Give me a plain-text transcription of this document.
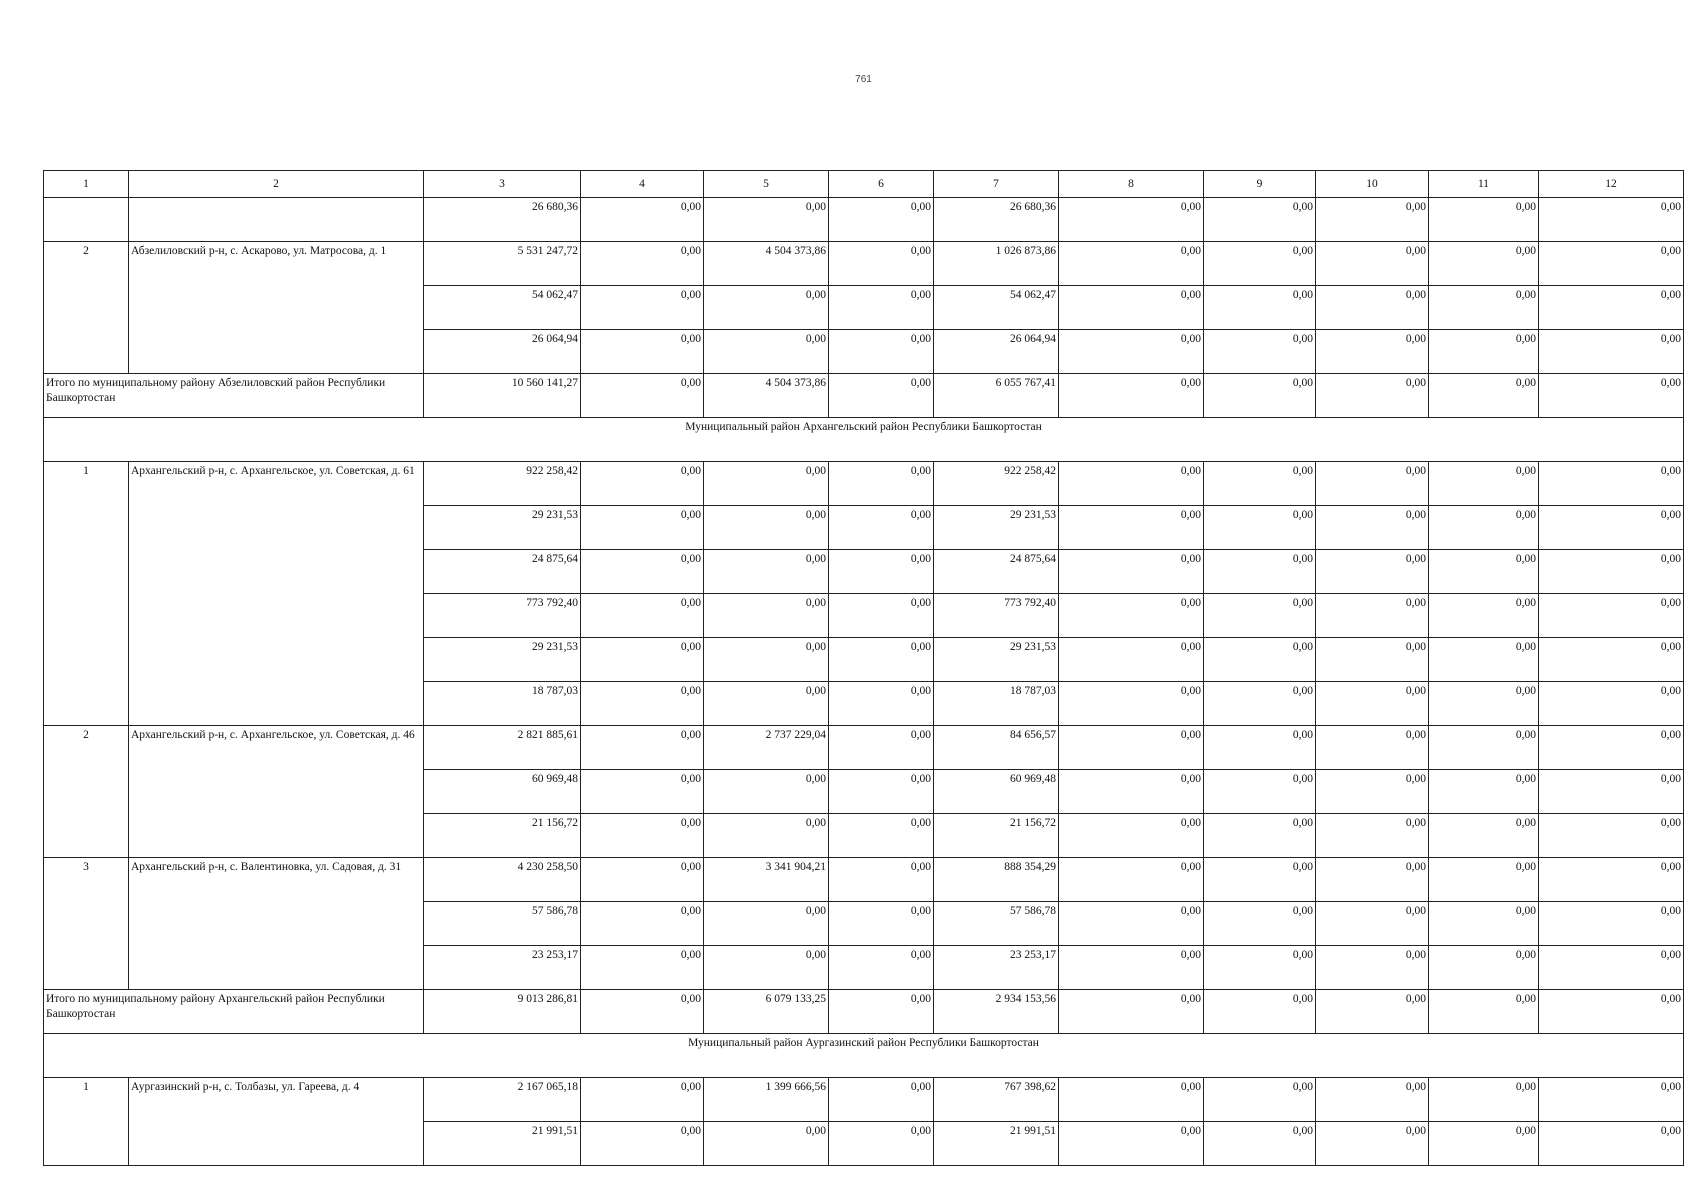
761
1	2	3	4	5	6	7	8	9	10	11	12
		26 680,36	0,00	0,00	0,00	26 680,36	0,00	0,00	0,00	0,00	0,00
2	Абзелиловский р-н, с. Аскарово, ул. Матросова, д. 1	5 531 247,72	0,00	4 504 373,86	0,00	1 026 873,86	0,00	0,00	0,00	0,00	0,00
		54 062,47	0,00	0,00	0,00	54 062,47	0,00	0,00	0,00	0,00	0,00
		26 064,94	0,00	0,00	0,00	26 064,94	0,00	0,00	0,00	0,00	0,00
Итого по муниципальному району Абзелиловский район Республики Башкортостан		10 560 141,27	0,00	4 504 373,86	0,00	6 055 767,41	0,00	0,00	0,00	0,00	0,00
Муниципальный район Архангельский район Республики Башкортостан											
1	Архангельский р-н, с. Архангельское, ул. Советская, д. 61	922 258,42	0,00	0,00	0,00	922 258,42	0,00	0,00	0,00	0,00	0,00
		29 231,53	0,00	0,00	0,00	29 231,53	0,00	0,00	0,00	0,00	0,00
		24 875,64	0,00	0,00	0,00	24 875,64	0,00	0,00	0,00	0,00	0,00
		773 792,40	0,00	0,00	0,00	773 792,40	0,00	0,00	0,00	0,00	0,00
		29 231,53	0,00	0,00	0,00	29 231,53	0,00	0,00	0,00	0,00	0,00
		18 787,03	0,00	0,00	0,00	18 787,03	0,00	0,00	0,00	0,00	0,00
2	Архангельский р-н, с. Архангельское, ул. Советская, д. 46	2 821 885,61	0,00	2 737 229,04	0,00	84 656,57	0,00	0,00	0,00	0,00	0,00
		60 969,48	0,00	0,00	0,00	60 969,48	0,00	0,00	0,00	0,00	0,00
		21 156,72	0,00	0,00	0,00	21 156,72	0,00	0,00	0,00	0,00	0,00
3	Архангельский р-н, с. Валентиновка, ул. Садовая, д. 31	4 230 258,50	0,00	3 341 904,21	0,00	888 354,29	0,00	0,00	0,00	0,00	0,00
		57 586,78	0,00	0,00	0,00	57 586,78	0,00	0,00	0,00	0,00	0,00
		23 253,17	0,00	0,00	0,00	23 253,17	0,00	0,00	0,00	0,00	0,00
Итого по муниципальному району Архангельский район Республики Башкортостан		9 013 286,81	0,00	6 079 133,25	0,00	2 934 153,56	0,00	0,00	0,00	0,00	0,00
Муниципальный район Аургазинский район Республики Башкортостан											
1	Аургазинский р-н, с. Толбазы, ул. Гареева, д. 4	2 167 065,18	0,00	1 399 666,56	0,00	767 398,62	0,00	0,00	0,00	0,00	0,00
		21 991,51	0,00	0,00	0,00	21 991,51	0,00	0,00	0,00	0,00	0,00
